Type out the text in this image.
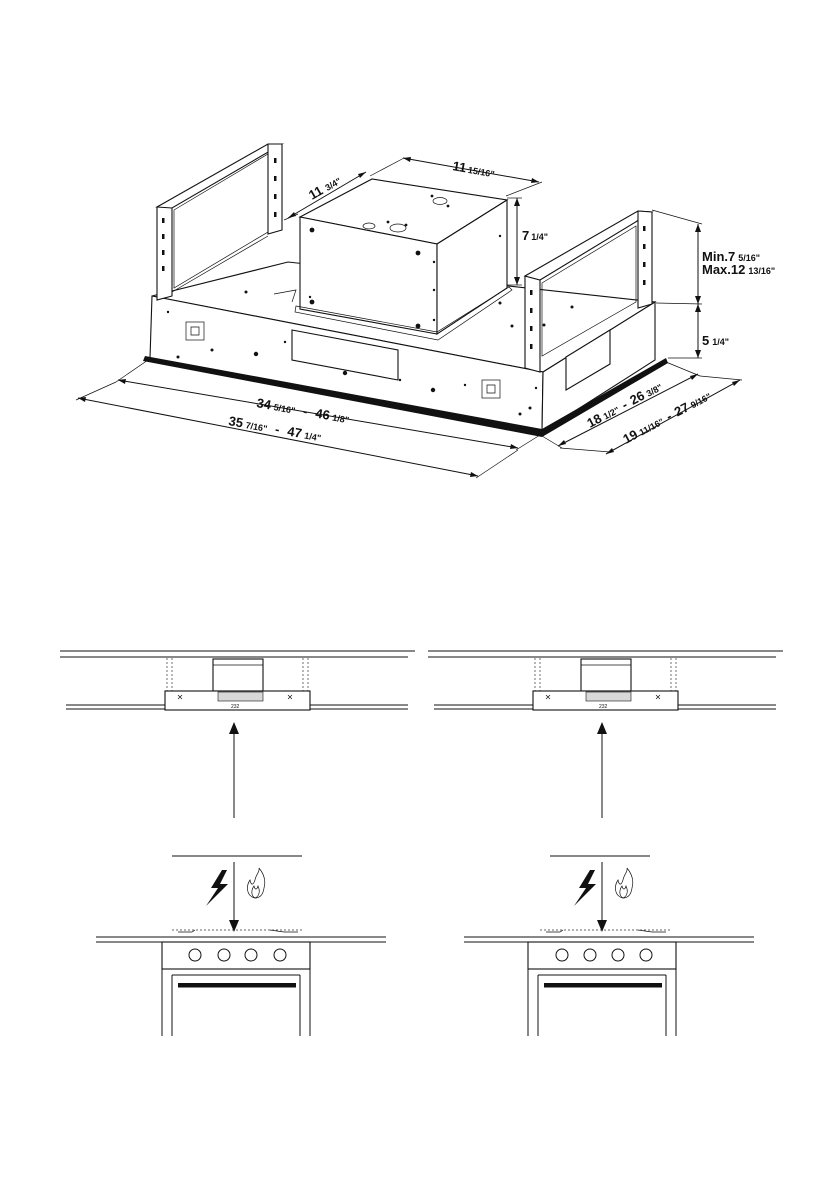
1115/16"
113/4"
7 1/4"
Min.7 5/16"
Max.12 13/16"
5 1/4"
345/16" - 461/8"
357/16" - 471/4"
181/2"-263/8"
1911/16"-279/16"
232	232
